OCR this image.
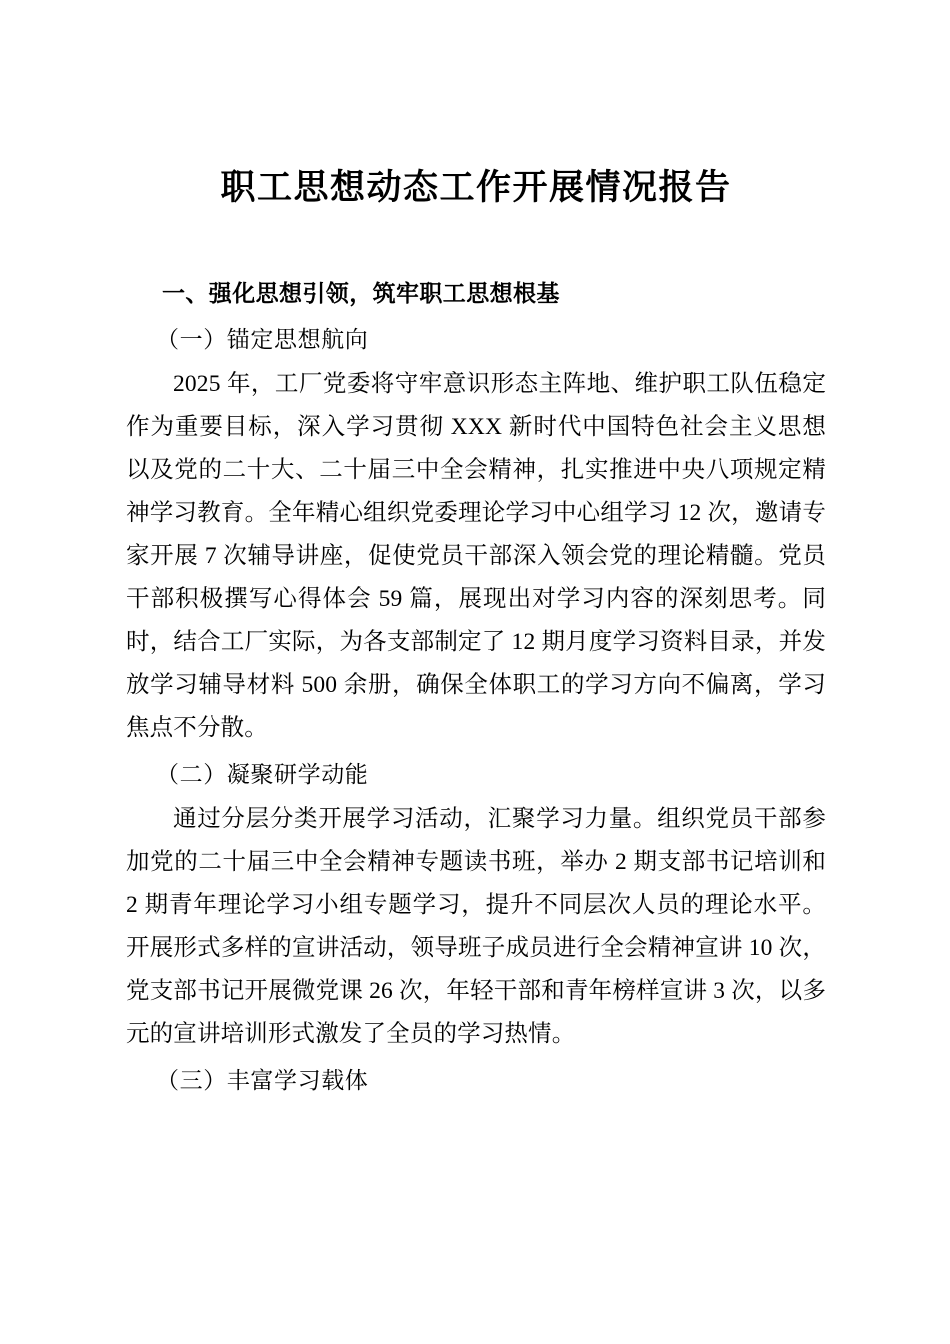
职工思想动态工作开展情况报告

一、强化思想引领，筑牢职工思想根基

（一）锚定思想航向

2025 年，工厂党委将守牢意识形态主阵地、维护职工队伍稳定作为重要目标，深入学习贯彻 XXX 新时代中国特色社会主义思想以及党的二十大、二十届三中全会精神，扎实推进中央八项规定精神学习教育。全年精心组织党委理论学习中心组学习 12 次，邀请专家开展 7 次辅导讲座，促使党员干部深入领会党的理论精髓。党员干部积极撰写心得体会 59 篇，展现出对学习内容的深刻思考。同时，结合工厂实际，为各支部制定了 12 期月度学习资料目录，并发放学习辅导材料 500 余册，确保全体职工的学习方向不偏离，学习焦点不分散。

（二）凝聚研学动能

通过分层分类开展学习活动，汇聚学习力量。组织党员干部参加党的二十届三中全会精神专题读书班，举办 2 期支部书记培训和 2 期青年理论学习小组专题学习，提升不同层次人员的理论水平。开展形式多样的宣讲活动，领导班子成员进行全会精神宣讲 10 次，党支部书记开展微党课 26 次，年轻干部和青年榜样宣讲 3 次，以多元的宣讲培训形式激发了全员的学习热情。

（三）丰富学习载体
